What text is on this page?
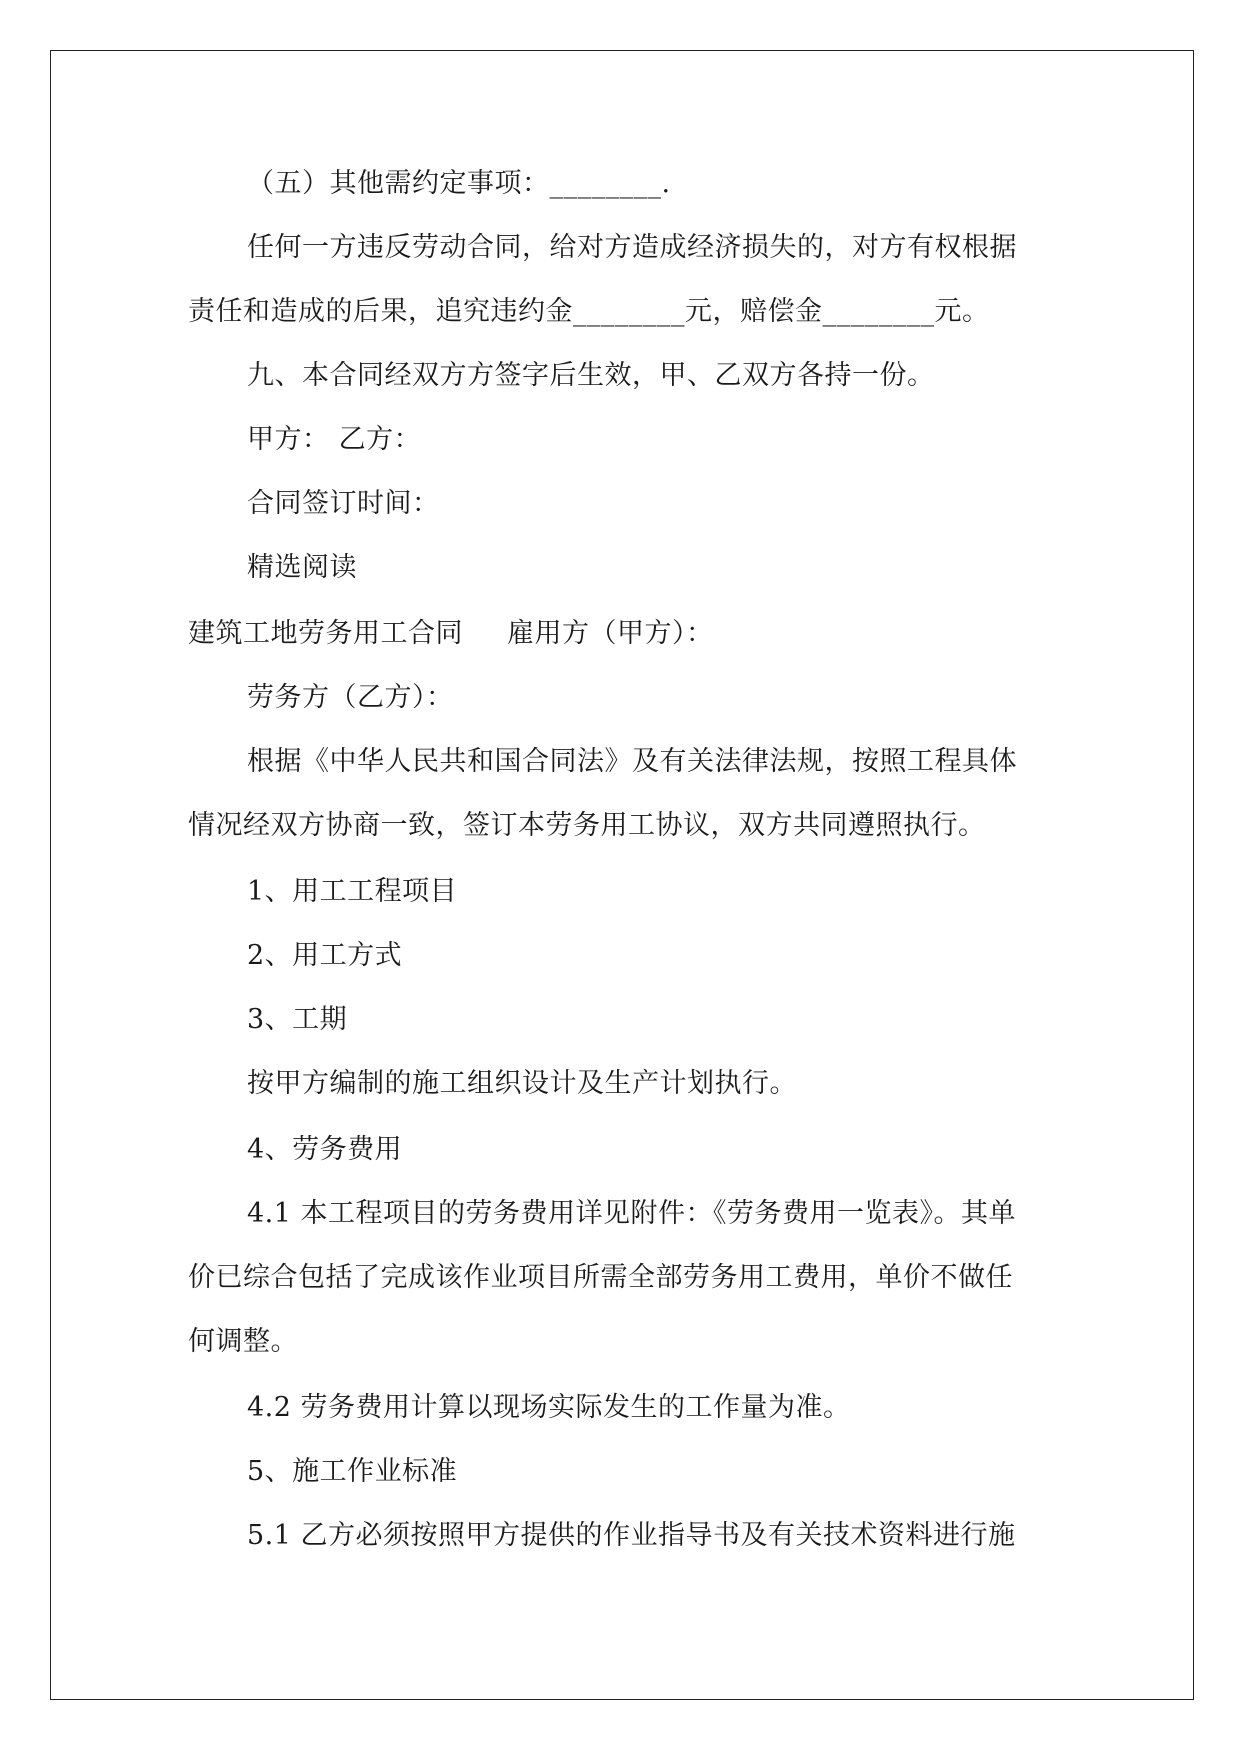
（五）其他需约定事项：________.
任何一方违反劳动合同，给对方造成经济损失的，对方有权根据
责任和造成的后果，追究违约金________元，赔偿金________元。
九、本合同经双方方签字后生效，甲、乙双方各持一份。
甲方： 乙方：
合同签订时间：
精选阅读
建筑工地劳务用工合同 雇用方（甲方）：
劳务方（乙方）：
根据《中华人民共和国合同法》及有关法律法规，按照工程具体
情况经双方协商一致，签订本劳务用工协议，双方共同遵照执行。
1、用工工程项目
2、用工方式
3、工期
按甲方编制的施工组织设计及生产计划执行。
4、劳务费用
4.1 本工程项目的劳务费用详见附件：《劳务费用一览表》。其单
价已综合包括了完成该作业项目所需全部劳务用工费用，单价不做任
何调整。
4.2 劳务费用计算以现场实际发生的工作量为准。
5、施工作业标准
5.1 乙方必须按照甲方提供的作业指导书及有关技术资料进行施
